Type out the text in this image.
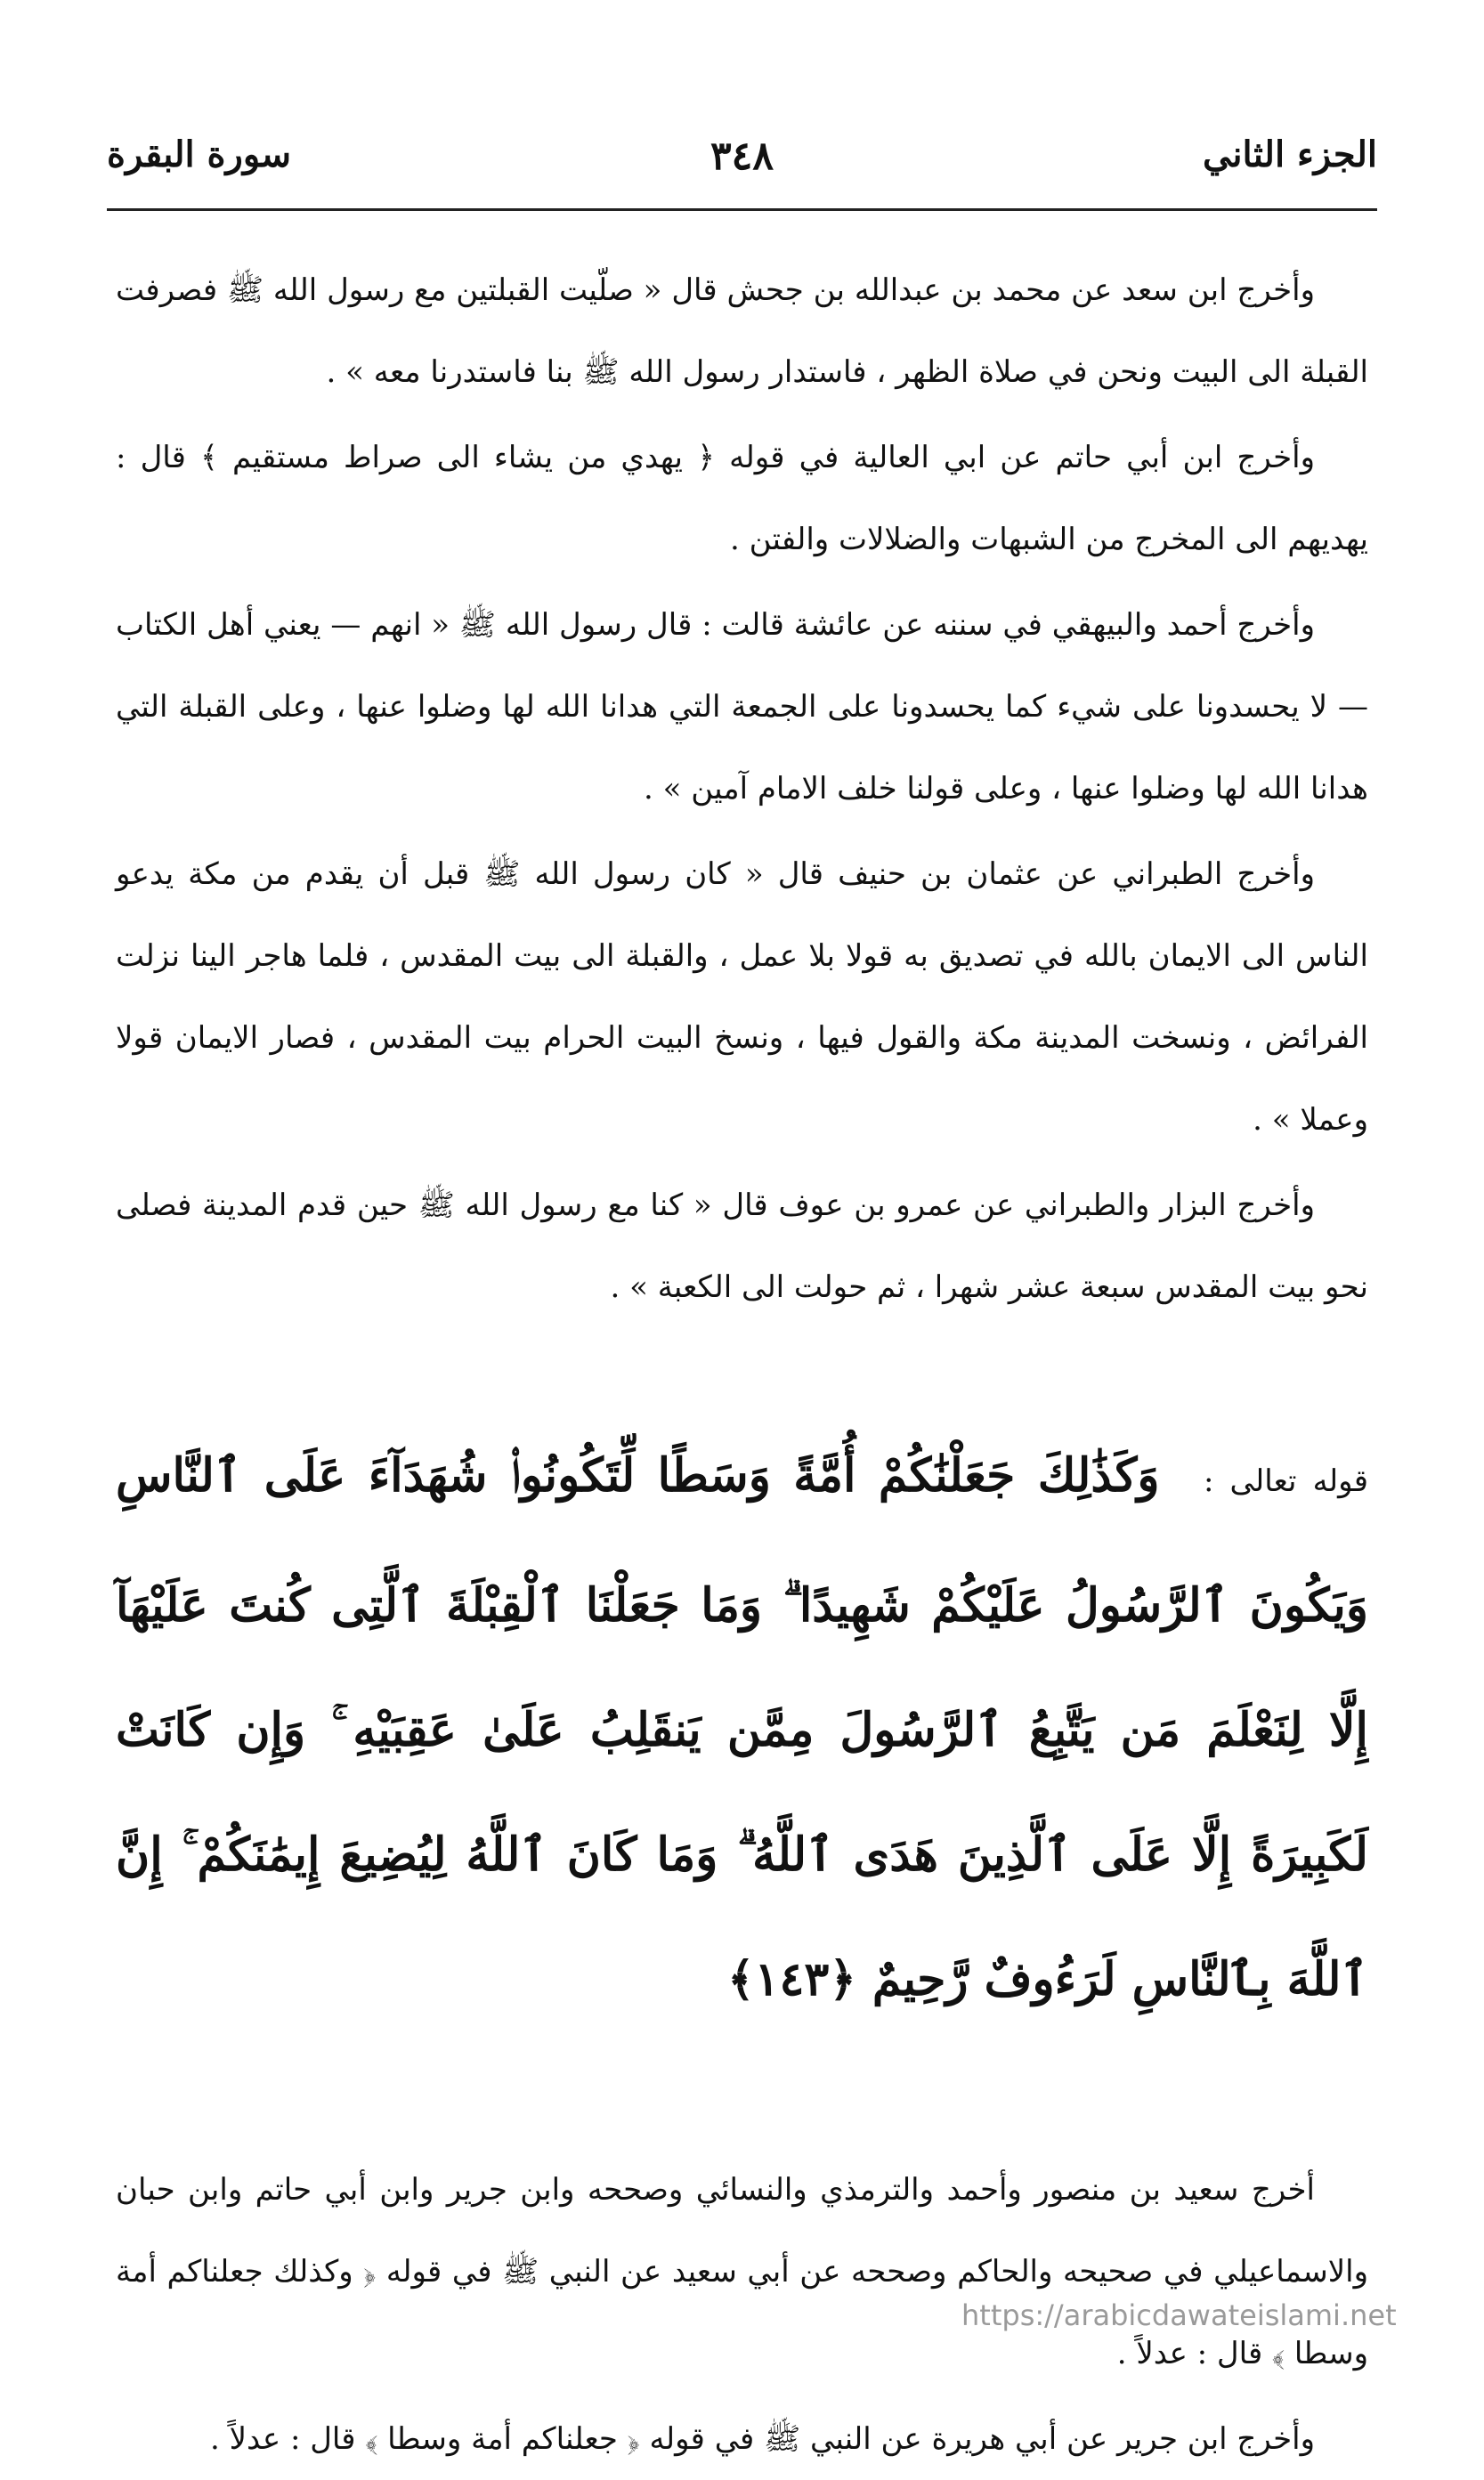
الجزء الثاني
٣٤٨
سورة البقرة

وأخرج ابن سعد عن محمد بن عبدالله بن جحش قال « صلّيت القبلتين مع رسول الله ﷺ فصرفت القبلة الى البيت ونحن في صلاة الظهر ، فاستدار رسول الله ﷺ بنا فاستدرنا معه » .

وأخرج ابن أبي حاتم عن ابي العالية في قوله ﴿ يهدي من يشاء الى صراط مستقيم ﴾ قال : يهديهم الى المخرج من الشبهات والضلالات والفتن .

وأخرج أحمد والبيهقي في سننه عن عائشة قالت : قال رسول الله ﷺ « انهم — يعني أهل الكتاب — لا يحسدونا على شيء كما يحسدونا على الجمعة التي هدانا الله لها وضلوا عنها ، وعلى القبلة التي هدانا الله لها وضلوا عنها ، وعلى قولنا خلف الامام آمين » .

وأخرج الطبراني عن عثمان بن حنيف قال « كان رسول الله ﷺ قبل أن يقدم من مكة يدعو الناس الى الايمان بالله في تصديق به قولا بلا عمل ، والقبلة الى بيت المقدس ، فلما هاجر الينا نزلت الفرائض ، ونسخت المدينة مكة والقول فيها ، ونسخ البيت الحرام بيت المقدس ، فصار الايمان قولا وعملا » .

وأخرج البزار والطبراني عن عمرو بن عوف قال « كنا مع رسول الله ﷺ حين قدم المدينة فصلى نحو بيت المقدس سبعة عشر شهرا ، ثم حولت الى الكعبة » .

قوله تعالى : وَكَذَٰلِكَ جَعَلْنَٰكُمْ أُمَّةً وَسَطًا لِّتَكُونُوا۟ شُهَدَآءَ عَلَى ٱلنَّاسِ وَيَكُونَ ٱلرَّسُولُ عَلَيْكُمْ شَهِيدًا ۗ وَمَا جَعَلْنَا ٱلْقِبْلَةَ ٱلَّتِى كُنتَ عَلَيْهَآ إِلَّا لِنَعْلَمَ مَن يَتَّبِعُ ٱلرَّسُولَ مِمَّن يَنقَلِبُ عَلَىٰ عَقِبَيْهِ ۚ وَإِن كَانَتْ لَكَبِيرَةً إِلَّا عَلَى ٱلَّذِينَ هَدَى ٱللَّهُ ۗ وَمَا كَانَ ٱللَّهُ لِيُضِيعَ إِيمَٰنَكُمْ ۚ إِنَّ ٱللَّهَ بِٱلنَّاسِ لَرَءُوفٌ رَّحِيمٌ ﴿١٤٣﴾

أخرج سعيد بن منصور وأحمد والترمذي والنسائي وصححه وابن جرير وابن أبي حاتم وابن حبان والاسماعيلي في صحيحه والحاكم وصححه عن أبي سعيد عن النبي ﷺ في قوله ﴿ وكذلك جعلناكم أمة وسطا ﴾ قال : عدلاً .

وأخرج ابن جرير عن أبي هريرة عن النبي ﷺ في قوله ﴿ جعلناكم أمة وسطا ﴾ قال : عدلاً .

https://arabicdawateislami.net
